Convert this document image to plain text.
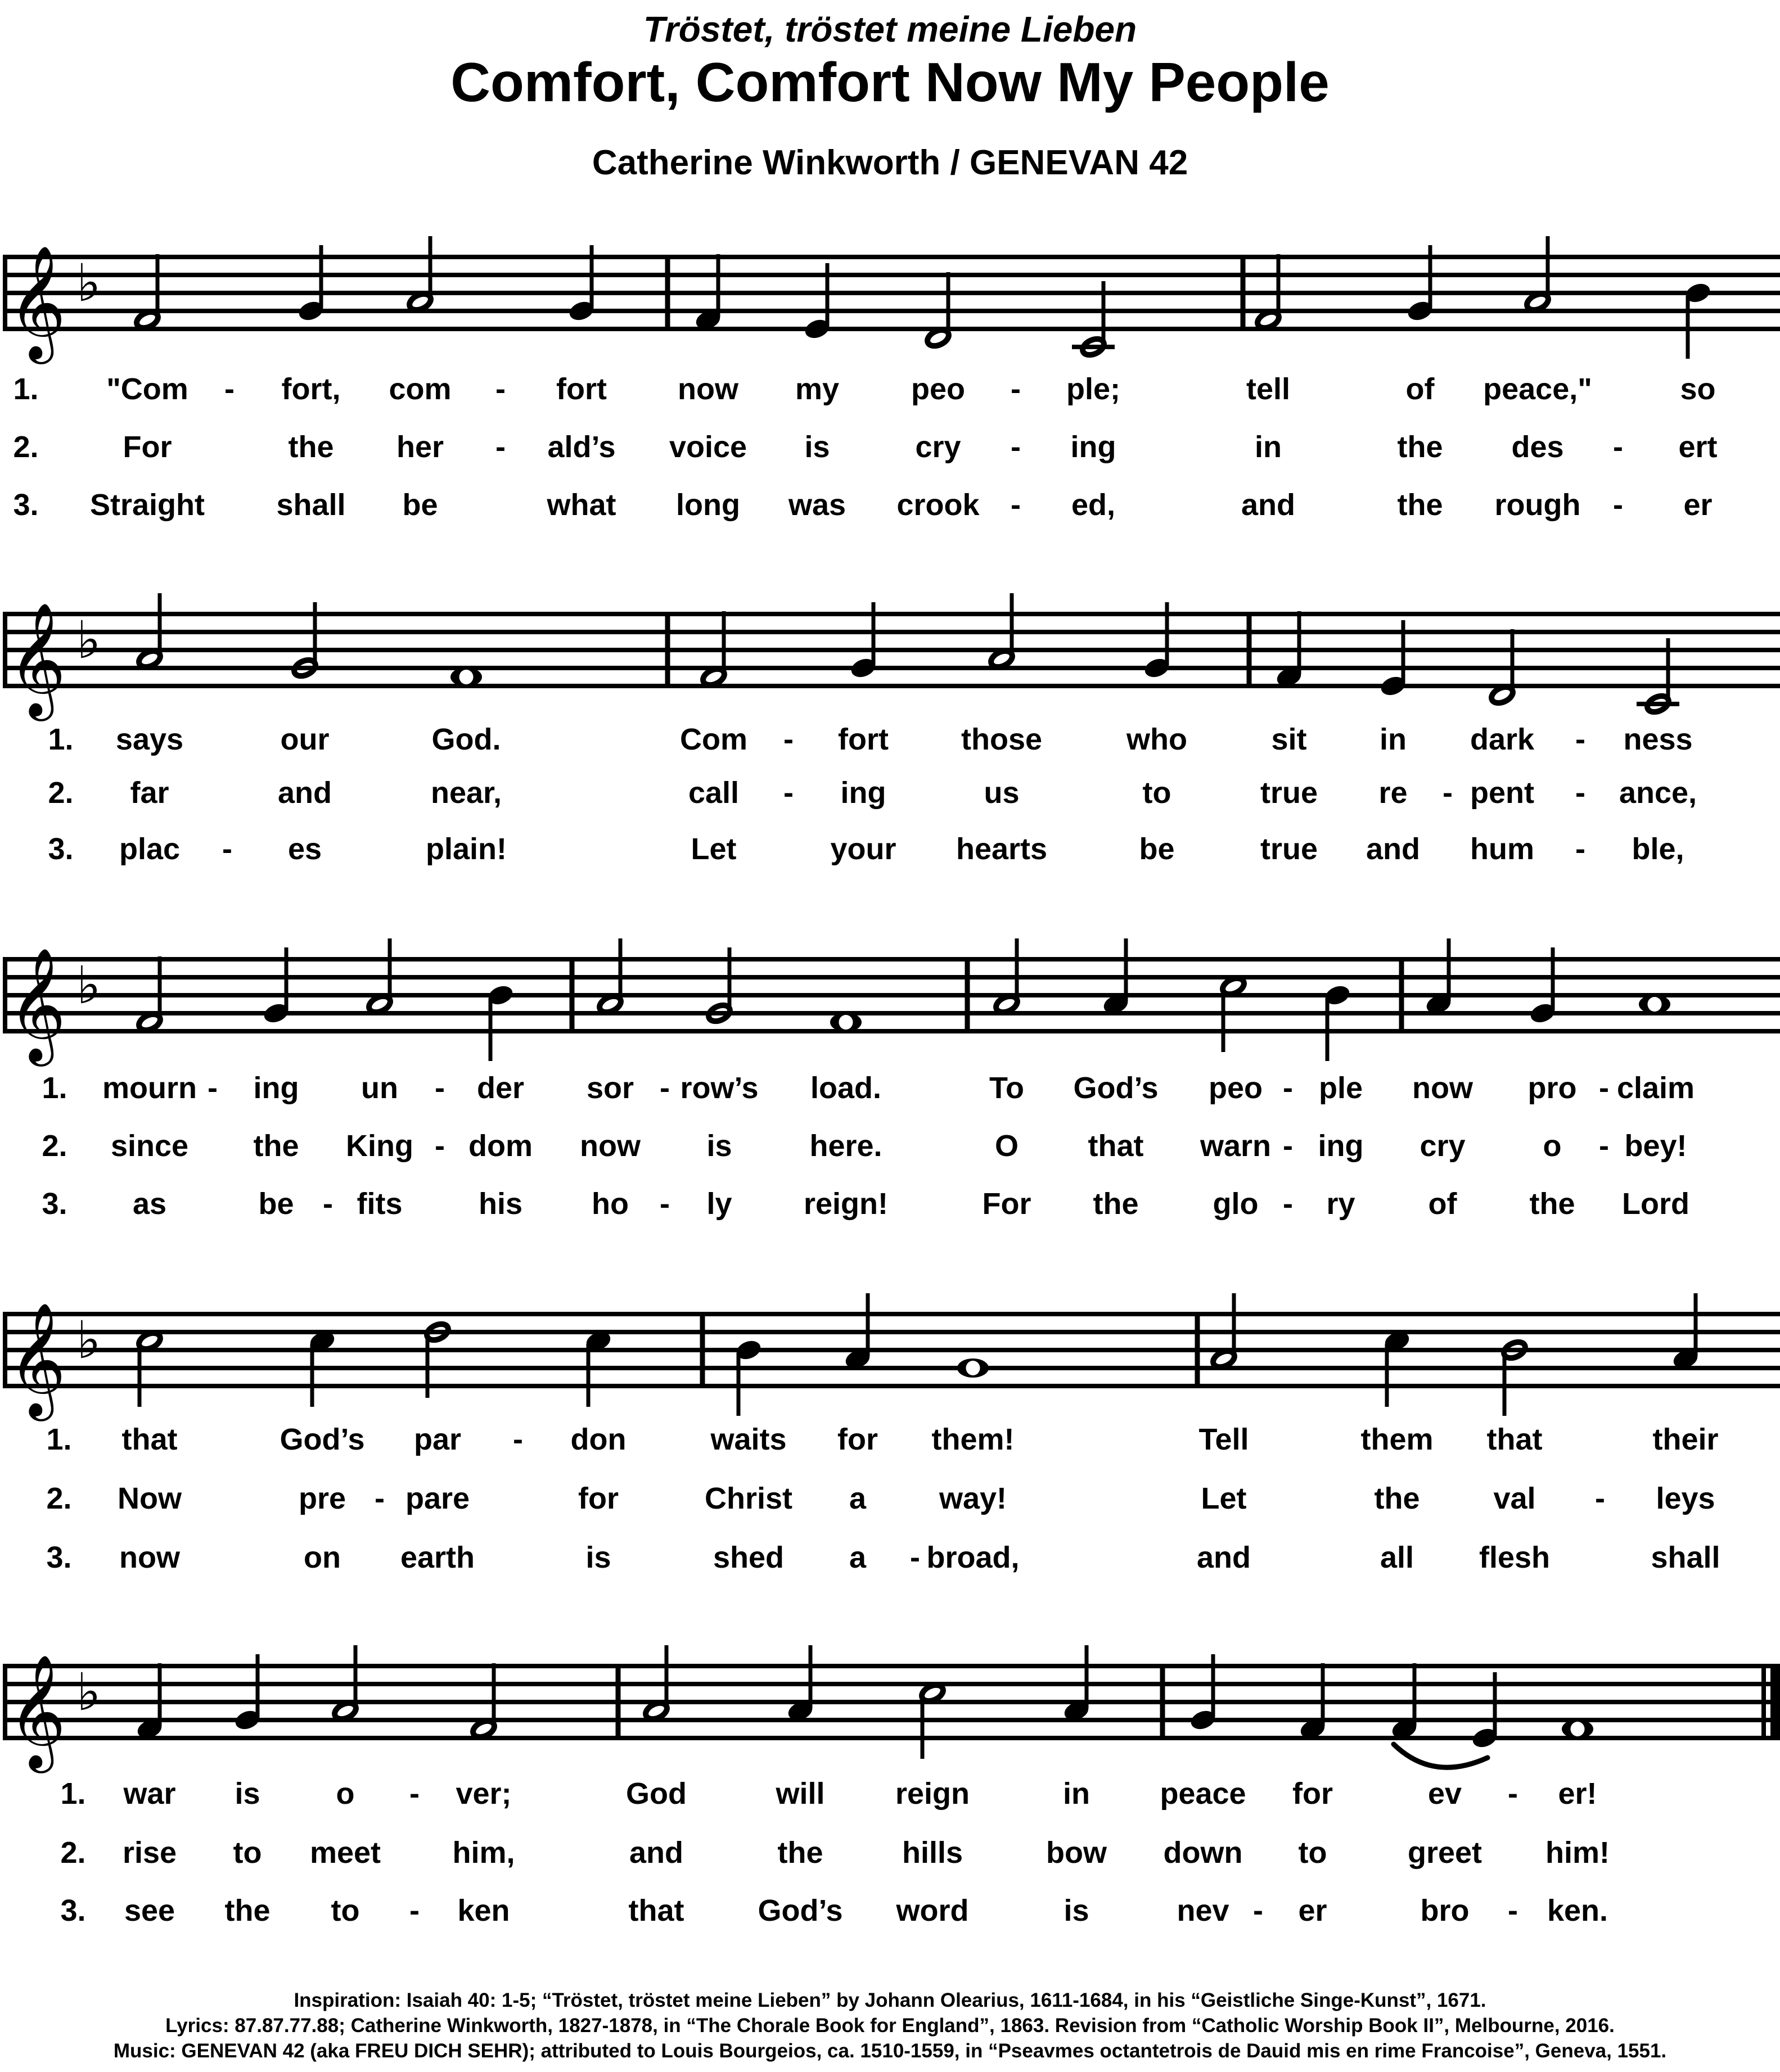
Tröstet, tröstet meine Lieben
Comfort, Comfort Now My People
Catherine Winkworth / GENEVAN 42
𝄞 ♭
𝄞 ♭
𝄞 ♭
𝄞 ♭
𝄞 ♭
1.	"Com	-	fort,	com	-	fort	now	my	peo	-	ple;	tell	of	peace,"	so
2.	For	the	her	-	ald’s	voice	is	cry	-	ing	in	the	des	-	ert
3.	Straight	shall	be	what	long	was	crook	-	ed,	and	the	rough	-	er
1.	says	our	God.	Com	-	fort	those	who	sit	in	dark	-	ness
2.	far	and	near,	call	-	ing	us	to	true	re	- pent	-	ance,
3.	plac	-	es	plain!	Let	your	hearts	be	true	and	hum	-	ble,
1.	mourn -	ing	un	-	der	sor - row’s	load.	To	God’s	peo - ple	now	pro - claim
2.	since	the	King - dom	now	is	here.	O	that	warn - ing	cry	o	- bey!
3.	as	be - fits	his	ho	-	ly	reign!	For	the	glo -	ry	of	the	Lord
1.	that	God’s	par	-	don	waits	for	them!	Tell	them	that	their
2.	Now	pre - pare	for	Christ	a	way!	Let	the	val	-	leys
3.	now	on	earth	is	shed	a	- broad,	and	all	flesh	shall
1.	war	is	o	-	ver;	God	will	reign	in	peace	for	ev	-	er!
2.	rise	to	meet	him,	and	the	hills	bow	down	to	greet	him!
3.	see	the	to	-	ken	that	God’s	word	is	nev -	er	bro	- ken.
Inspiration: Isaiah 40: 1-5; “Tröstet, tröstet meine Lieben” by Johann Olearius, 1611-1684, in his “Geistliche Singe-Kunst”, 1671.
Lyrics: 87.87.77.88; Catherine Winkworth, 1827-1878, in “The Chorale Book for England”, 1863. Revision from “Catholic Worship Book II”, Melbourne, 2016.
Music: GENEVAN 42 (aka FREU DICH SEHR); attributed to Louis Bourgeios, ca. 1510-1559, in “Pseavmes octantetrois de Dauid mis en rime Francoise”, Geneva, 1551.
